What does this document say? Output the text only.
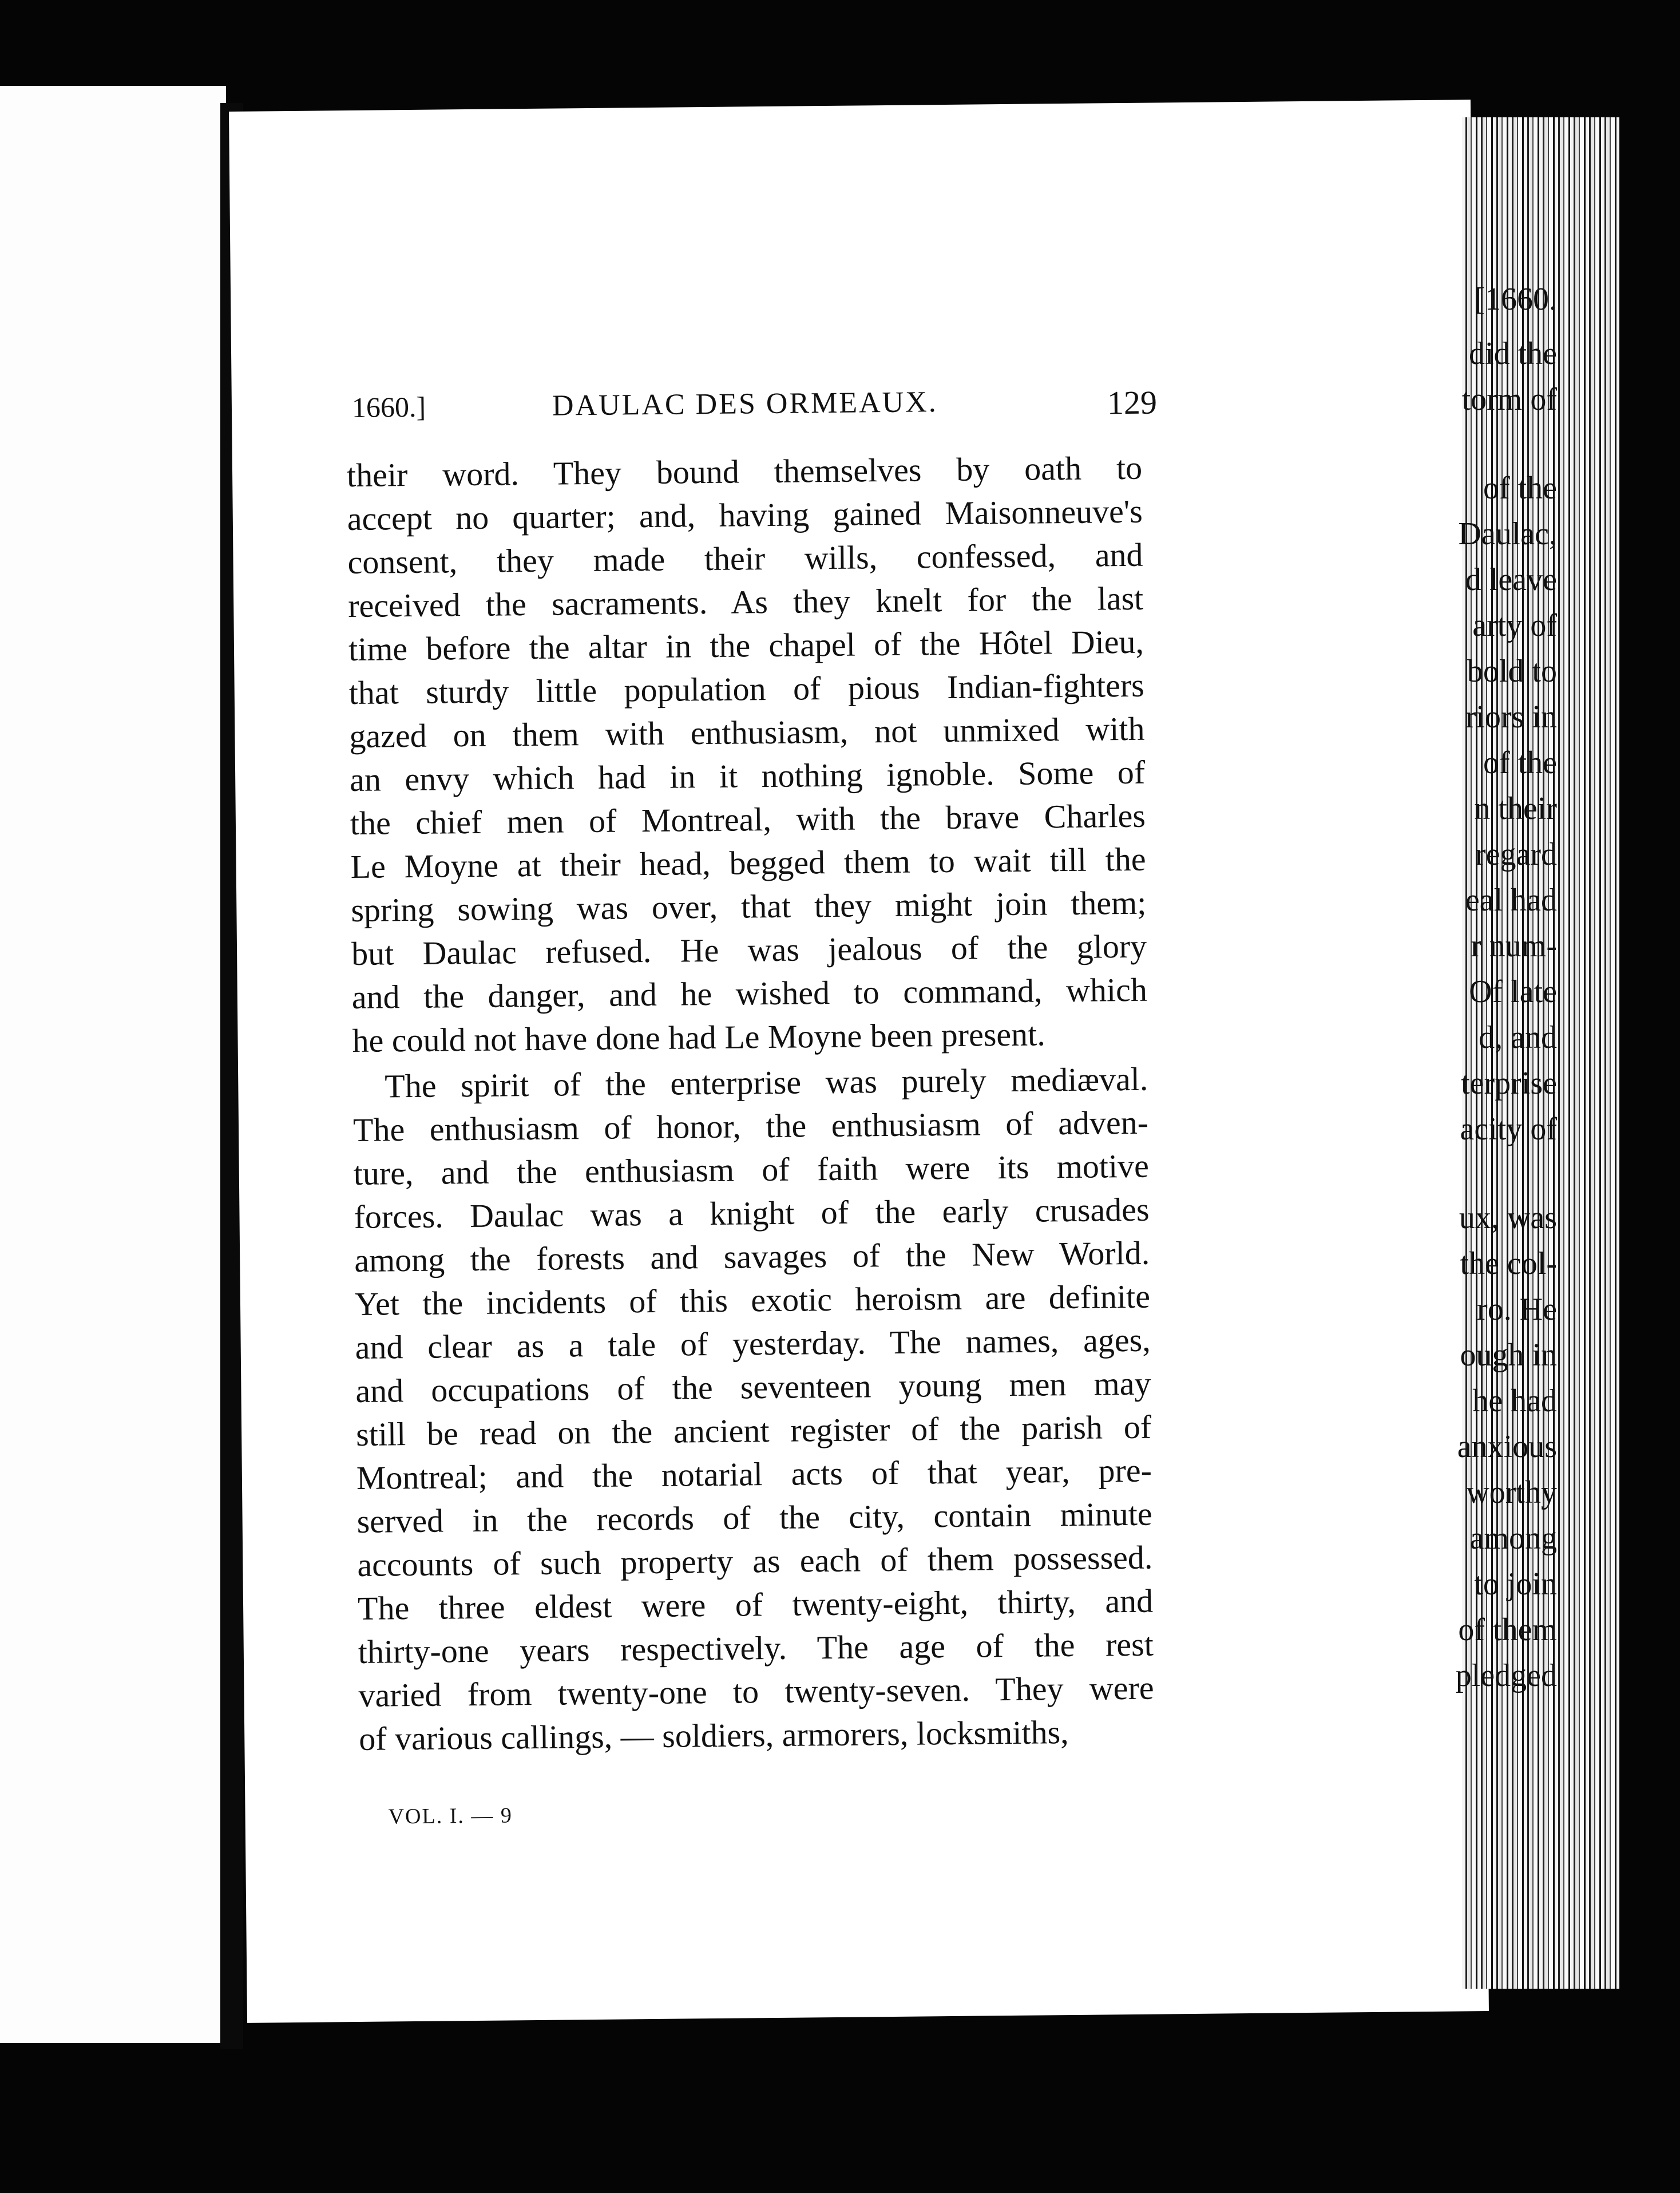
1660.]	DAULAC DES ORMEAUX.	129
their word. They bound themselves by oath to
accept no quarter; and, having gained Maisonneuve's
consent, they made their wills, confessed, and
received the sacraments. As they knelt for the last
time before the altar in the chapel of the Hôtel Dieu,
that sturdy little population of pious Indian-fighters
gazed on them with enthusiasm, not unmixed with
an envy which had in it nothing ignoble. Some of
the chief men of Montreal, with the brave Charles
Le Moyne at their head, begged them to wait till the
spring sowing was over, that they might join them;
but Daulac refused. He was jealous of the glory
and the danger, and he wished to command, which
he could not have done had Le Moyne been present.
The spirit of the enterprise was purely mediæval.
The enthusiasm of honor, the enthusiasm of adven-
ture, and the enthusiasm of faith were its motive
forces. Daulac was a knight of the early crusades
among the forests and savages of the New World.
Yet the incidents of this exotic heroism are definite
and clear as a tale of yesterday. The names, ages,
and occupations of the seventeen young men may
still be read on the ancient register of the parish of
Montreal; and the notarial acts of that year, pre-
served in the records of the city, contain minute
accounts of such property as each of them possessed.
The three eldest were of twenty-eight, thirty, and
thirty-one years respectively. The age of the rest
varied from twenty-one to twenty-seven. They were
of various callings, — soldiers, armorers, locksmiths,
VOL. I. — 9
[1660.
did the
torm of
of the
Daulac,
d leave
arty of
bold to
riors in
of the
n their
regard
eal had
r num-
Of late
d, and
terprise
acity of
ux, was
the col-
ro. He
ough in
he had
anxious
worthy
among
to join
of them
pledged
